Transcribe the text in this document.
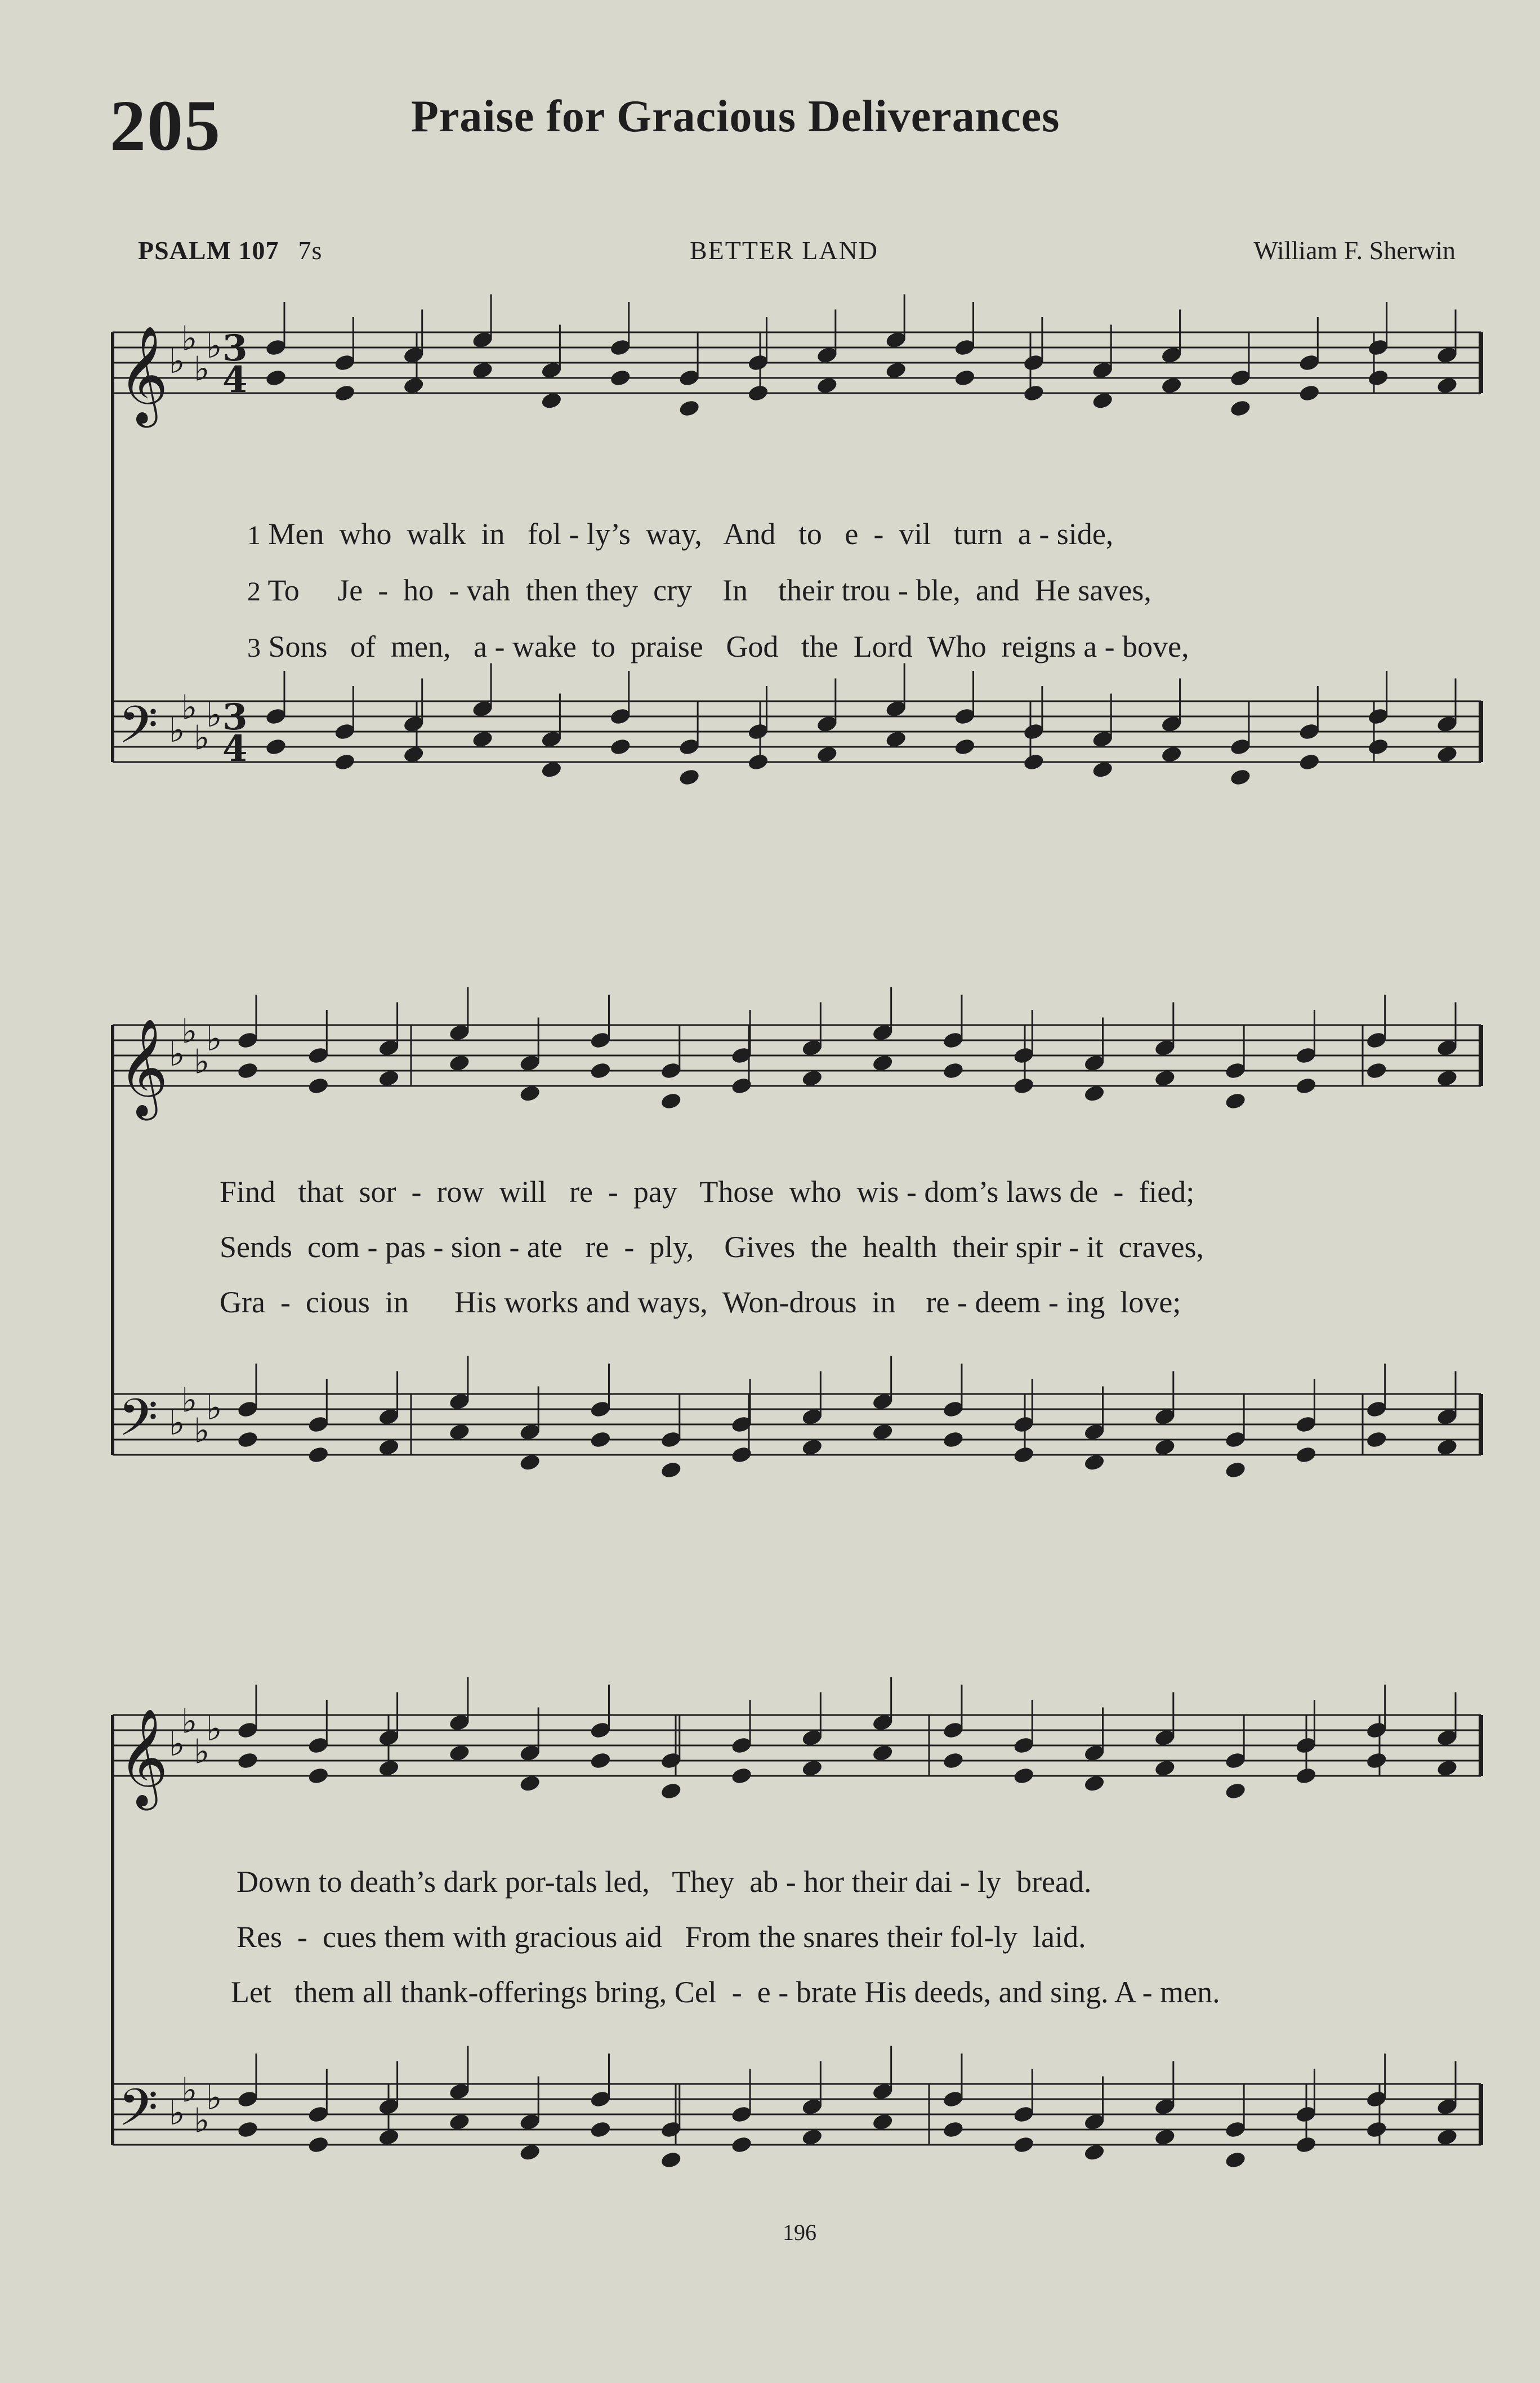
205	Praise for Gracious Deliverances
PSALM 107 7s	BETTER LAND	William F. Sherwin
𝄞 ♭
♭
♭
♭ 3
4
𝄢 ♭
♭
♭
♭ 3
4
𝄞 ♭
♭
♭
♭
𝄢 ♭
♭
♭
♭
𝄞 ♭
♭
♭
♭
𝄢 ♭
♭
♭
♭

1 Men  who  walk  in   fol - ly’s  way,   And   to   e  -  vil   turn  a - side,

2 To     Je  -  ho  - vah  then they  cry    In    their trou - ble,  and  He saves,

3 Sons   of  men,   a - wake  to  praise   God   the  Lord  Who  reigns a - bove,

Find   that  sor  -  row  will   re  -  pay   Those  who  wis - dom’s laws de  -  fied;
Sends  com - pas - sion - ate   re  -  ply,    Gives  the  health  their spir - it  craves,
Gra  -  cious  in      His works and ways,  Won-drous  in    re - deem - ing  love;
Down to death’s dark por-tals led,   They  ab - hor their dai - ly  bread.
Res  -  cues them with gracious aid   From the snares their fol-ly  laid.
Let   them all thank-offerings bring, Cel  -  e - brate His deeds, and sing. A - men.
196
